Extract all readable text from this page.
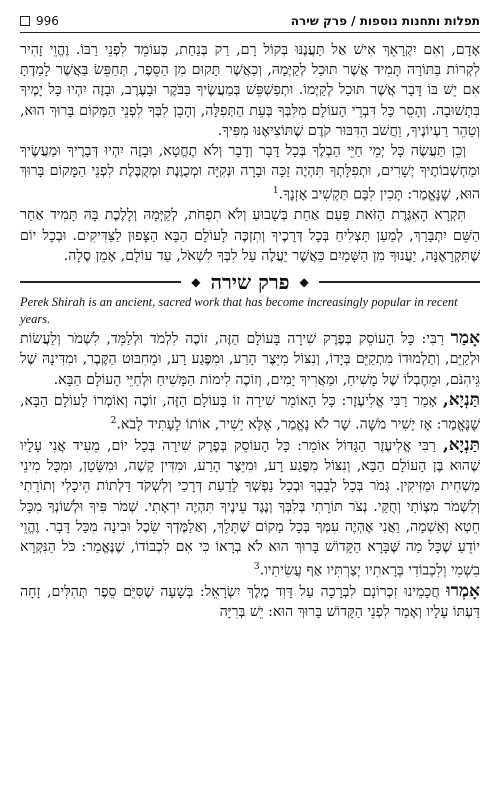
996	תפלות ותחנות נוספות / פרק שירה

אָדָם, וְאִם יִקְרָאֵךְ אִישׁ אַל תַּעֲנֶנּוּ בְּקוֹל רָם, רַק בְּנַחַת, כְּעוֹמֵד לִפְנֵי רַבּוֹ. וֶהֱוֵי זָהִיר לִקְרוֹת בַּתּוֹרָה תָּמִיד אֲשֶׁר תּוּכַל לְקַיְּמָהּ, וְכַאֲשֶׁר תָּקוּם מִן הַסֵּפֶר, תְּחַפֵּשׂ בַּאֲשֶׁר לָמַדְתָּ אִם יֵשׁ בּוֹ דָּבָר אֲשֶׁר תּוּכַל לְקַיְּמוֹ. וּתְפַשְׁפֵּשׁ בְּמַעֲשֶׂיךָ בַּבֹּקֶר וּבָעֶרֶב, וּבָזֶה יִהְיוּ כָּל יָמֶיךָ בִּתְשׁוּבָה. וְהָסֵר כָּל דִּבְרֵי הָעוֹלָם מִלִּבְּךָ בְּעֵת הַתְּפִלָּה, וְהָכֵן לִבְּךָ לִפְנֵי הַמָּקוֹם בָּרוּךְ הוּא, וְטַהֵר רַעְיוֹנֶיךָ, וַחֲשֹׁב הַדִּבּוּר קֹדֶם שֶׁתּוֹצִיאֶנּוּ מִפִּיךָ.

וְכֵן תַּעֲשֶׂה כָּל יְמֵי חַיֵּי הַבְלֶךָ בְּכָל דָּבָר וְדָבָר וְלֹא תֶחֱטָא, וּבָזֶה יִהְיוּ דְּבָרֶיךָ וּמַעֲשֶׂיךָ וּמַחְשְׁבוֹתֶיךָ יְשָׁרִים, וּתְפִלָּתְךָ תִּהְיֶה זַכָּה וּבָרָה וּנְקִיָּה וּמְכֻוֶּנֶת וּמְקֻבֶּלֶת לִפְנֵי הַמָּקוֹם בָּרוּךְ הוּא, שֶׁנֶּאֱמַר: תָּכִין לִבָּם תַּקְשִׁיב אָזְנֶךָ.$^1$

תִּקְרָא הָאִגֶּרֶת הַזֹּאת פַּעַם אַחַת בְּשָׁבוּעַ וְלֹא תִפְחֹת, לְקַיְּמָהּ וְלָלֶכֶת בָּהּ תָּמִיד אַחַר הַשֵּׁם יִתְבָּרַךְ, לְמַעַן תַּצְלִיחַ בְּכָל דְּרָכֶיךָ וְתִזְכֶּה לָעוֹלָם הַבָּא הַצָּפוּן לַצַּדִּיקִים. וּבְכָל יוֹם שֶׁתִּקְרָאֶנָּה, יַעֲנוּךָ מִן הַשָּׁמַיִם כַּאֲשֶׁר יַעֲלֶה עַל לִבְּךָ לִשְׁאֹל, עַד עוֹלָם, אָמֵן סֶלָה.

◆
פרק שירה
◆

Perek Shirah is an ancient, sacred work that has become increasingly popular in recent years.

אָמַר רַבִּי: כָּל הָעוֹסֵק בְּפֶרֶק שִׁירָה בָּעוֹלָם הַזֶּה, זוֹכֶה לִלְמֹד וּלְלַמֵּד, לִשְׁמֹר וְלַעֲשׂוֹת וּלְקַיֵּם, וְתַלְמוּדוֹ מִתְקַיֵּם בְּיָדוֹ, וְנִצּוֹל מִיֵּצֶר הָרַע, וּמִפֶּגַע רָע, וּמֵחִבּוּט הַקֶּבֶר, וּמִדִּינָהּ שֶׁל גֵּיהִנֹּם, וּמֵחֶבְלוֹ שֶׁל מָשִׁיחַ, וּמַאֲרִיךְ יָמִים, וְזוֹכֶה לִימוֹת הַמָּשִׁיחַ וּלְחַיֵּי הָעוֹלָם הַבָּא.

תַּנְיָא, אָמַר רַבִּי אֱלִיעֶזֶר: כָּל הָאוֹמֵר שִׁירָה זוֹ בָּעוֹלָם הַזֶּה, זוֹכֶה וְאוֹמְרוֹ לָעוֹלָם הַבָּא, שֶׁנֶּאֱמַר: אָז יָשִׁיר מֹשֶׁה. שָׁר לֹא נֶאֱמַר, אֶלָּא יָשִׁיר, אוֹתוֹ לֶעָתִיד לָבֹא.$^2$

תַּנְיָא, רַבִּי אֱלִיעֶזֶר הַגָּדוֹל אוֹמֵר: כָּל הָעוֹסֵק בְּפֶרֶק שִׁירָה בְּכָל יוֹם, מֵעִיד אֲנִי עָלָיו שֶׁהוּא בֶּן הָעוֹלָם הַבָּא, וְנִצּוֹל מִפֶּגַע רָע, וּמִיֵּצֶר הָרַע, וּמִדִּין קָשֶׁה, וּמִשָּׂטָן, וּמִכָּל מִינֵי מַשְׁחִית וּמַזִּיקִין. גְּמֹר בְּכָל לְבָבְךָ וּבְכָל נַפְשְׁךָ לָדַעַת דְּרָכַי וְלִשְׁקֹד דַּלְתוֹת הֵיכָלִי וְתוֹרָתִי וְלִשְׁמֹר מִצְוֹתַי וְחֻקַּי. נְצֹר תּוֹרָתִי בְּלִבְּךָ וְנֶגֶד עֵינֶיךָ תִּהְיֶה יִרְאָתִי. שְׁמֹר פִּיךָ וּלְשׁוֹנְךָ מִכָּל חֵטְא וְאַשְׁמָה, וַאֲנִי אֶהְיֶה עִמְּךָ בְּכָל מָקוֹם שֶׁתֵּלֵךְ, וְאַלַמֶּדְךָ שֵׂכֶל וּבִינָה מִכָּל דָּבָר. וֶהֱוֵי יוֹדֵעַ שֶׁכָּל מַה שֶּׁבָּרָא הַקָּדוֹשׁ בָּרוּךְ הוּא לֹא בְרָאוֹ כִּי אִם לִכְבוֹדוֹ, שֶׁנֶּאֱמַר: כֹּל הַנִּקְרָא בִשְׁמִי וְלִכְבוֹדִי בְּרָאתִיו יְצַרְתִּיו אַף עֲשִׂיתִיו.$^3$

אָמְרוּ חֲכָמֵינוּ זִכְרוֹנָם לִבְרָכָה עַל דָּוִד מֶלֶךְ יִשְׂרָאֵל: בְּשָׁעָה שֶׁסִּיֵּם סֵפֶר תְּהִלִּים, זָחָה דַּעְתּוֹ עָלָיו וְאָמַר לִפְנֵי הַקָּדוֹשׁ בָּרוּךְ הוּא: יֵשׁ בְּרִיָּה
